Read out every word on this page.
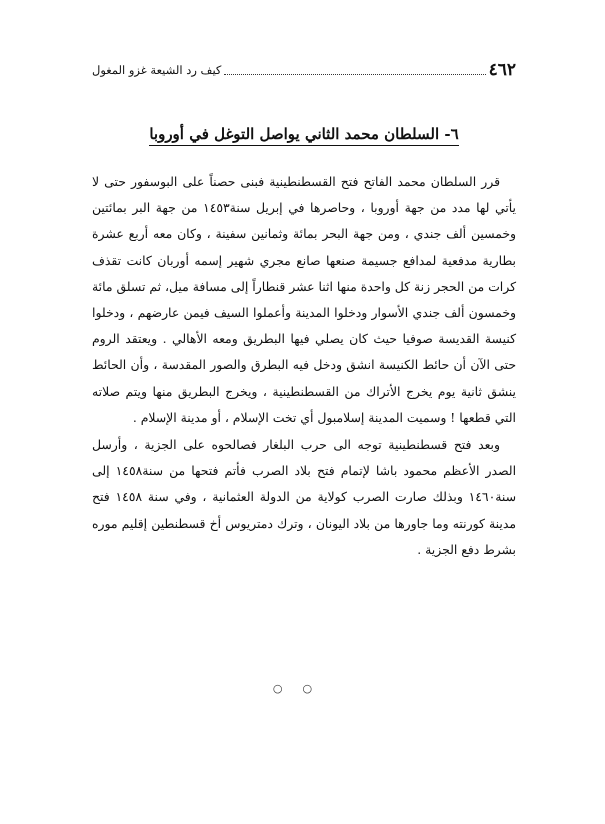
٤٦٢
كيف رد الشيعة غزو المغول
٦- السلطان محمد الثاني يواصل التوغل في أوروبا

قرر السلطان محمد الفاتح فتح القسطنطينية فبنى حصناً على البوسفور حتى لا يأتي لها مدد من جهة أوروبا ، وحاصرها في إبريل سنة١٤٥٣ من جهة البر بمائتين وخمسين ألف جندي ، ومن جهة البحر بمائة وثمانين سفينة ، وكان معه أربع عشرة بطارية مدفعية لمدافع جسيمة صنعها صانع مجري شهير إسمه أوربان كانت تقذف كرات من الحجر زنة كل واحدة منها اثنا عشر قنطاراً إلى مسافة ميل، ثم تسلق مائة وخمسون ألف جندي الأسوار ودخلوا المدينة وأعملوا السيف فيمن عارضهم ، ودخلوا كنيسة القديسة صوفيا حيث كان يصلي فيها البطريق ومعه الأهالي . ويعتقد الروم حتى الآن أن حائط الكنيسة انشق ودخل فيه البطرق والصور المقدسة ، وأن الحائط ينشق ثانية يوم يخرج الأتراك من القسطنطينية ، ويخرج البطريق منها ويتم صلاته التي قطعها ! وسميت المدينة إسلامبول أي تخت الإسلام ، أو مدينة الإسلام .

وبعد فتح قسطنطينية توجه الى حرب البلغار فصالحوه على الجزية ، وأرسل الصدر الأعظم محمود باشا لإتمام فتح بلاد الصرب فأتم فتحها من سنة١٤٥٨ إلى سنة١٤٦٠ وبذلك صارت الصرب كولاية من الدولة العثمانية ، وفي سنة ١٤٥٨ فتح مدينة كورنته وما جاورها من بلاد اليونان ، وترك دمتريوس أخ قسطنطين إقليم موره بشرط دفع الجزية .

○○
